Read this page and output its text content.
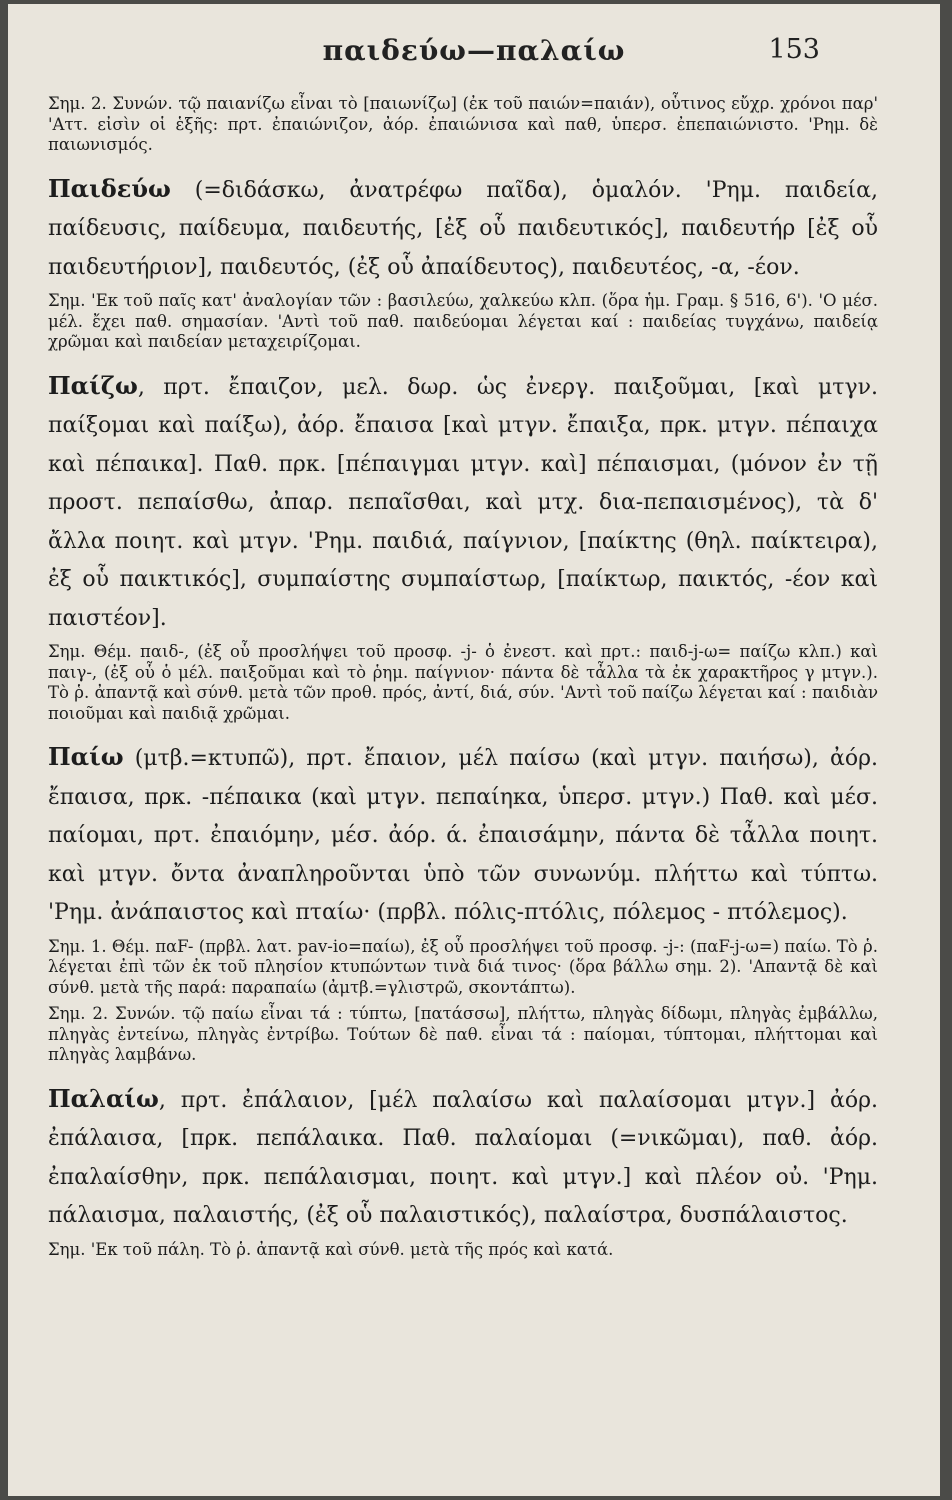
παιδεύω—παλαίω	153

Σημ. 2. Συνών. τῷ παιανίζω εἶναι τὸ [παιωνίζω] (ἐκ τοῦ παιών=παιάν), οὗτινος εὔχρ. χρόνοι παρ' 'Αττ. εἰσὶν οἱ ἑξῆς: πρτ. ἐπαιώνιζον, ἀόρ. ἐπαιώνισα καὶ παθ, ὑπερσ. ἐπεπαιώνιστο. 'Ρημ. δὲ παιωνισμός.

Παιδεύω (=διδάσκω, ἀνατρέφω παῖδα), ὁμαλόν. 'Ρημ. παιδεία, παίδευσις, παίδευμα, παιδευτής, [ἐξ οὗ παιδευτικός], παιδευτήρ [ἐξ οὗ παιδευτήριον], παιδευτός, (ἐξ οὗ ἀπαίδευτος), παιδευτέος, -α, -έον.

Σημ. 'Εκ τοῦ παῖς κατ' ἀναλογίαν τῶν : βασιλεύω, χαλκεύω κλπ. (ὅρα ἡμ. Γραμ. § 516, 6'). 'Ο μέσ. μέλ. ἔχει παθ. σημασίαν. 'Αντὶ τοῦ παθ. παιδεύομαι λέγεται καί : παιδείας τυγχάνω, παιδείᾳ χρῶμαι καὶ παιδείαν μεταχειρίζομαι.

Παίζω, πρτ. ἔπαιζον, μελ. δωρ. ὡς ἐνεργ. παιξοῦμαι, [καὶ μτγν. παίξομαι καὶ παίξω), ἀόρ. ἔπαισα [καὶ μτγν. ἔπαιξα, πρκ. μτγν. πέπαιχα καὶ πέπαικα]. Παθ. πρκ. [πέπαιγμαι μτγν. καὶ] πέπαισμαι, (μόνον ἐν τῇ προστ. πεπαίσθω, ἀπαρ. πεπαῖσθαι, καὶ μτχ. δια-πεπαισμένος), τὰ δ' ἄλλα ποιητ. καὶ μτγν. 'Ρημ. παιδιά, παίγνιον, [παίκτης (θηλ. παίκτειρα), ἐξ οὗ παικτικός], συμπαίστης συμπαίστωρ, [παίκτωρ, παικτός, -έον καὶ παιστέον].

Σημ. Θέμ. παιδ-, (ἐξ οὗ προσλήψει τοῦ προσφ. -j- ὁ ἐνεστ. καὶ πρτ.: παιδ-j-ω= παίζω κλπ.) καὶ παιγ-, (ἐξ οὗ ὁ μέλ. παιξοῦμαι καὶ τὸ ῥημ. παίγνιον· πάντα δὲ τἆλλα τὰ ἐκ χαρακτῆρος γ μτγν.). Τὸ ῥ. ἀπαντᾷ καὶ σύνθ. μετὰ τῶν προθ. πρός, ἀντί, διά, σύν. 'Αντὶ τοῦ παίζω λέγεται καί : παιδιὰν ποιοῦμαι καὶ παιδιᾷ χρῶμαι.

Παίω (μτβ.=κτυπῶ), πρτ. ἔπαιον, μέλ παίσω (καὶ μτγν. παιήσω), ἀόρ. ἔπαισα, πρκ. -πέπαικα (καὶ μτγν. πεπαίηκα, ὑπερσ. μτγν.) Παθ. καὶ μέσ. παίομαι, πρτ. ἐπαιόμην, μέσ. ἀόρ. ά. ἐπαισάμην, πάντα δὲ τἆλλα ποιητ. καὶ μτγν. ὄντα ἀναπληροῦνται ὑπὸ τῶν συνωνύμ. πλήττω καὶ τύπτω. 'Ρημ. ἀνάπαιστος καὶ πταίω· (πρβλ. πόλις-πτόλις, πόλεμος - πτόλεμος).

Σημ. 1. Θέμ. παF- (πρβλ. λατ. pav-io=παίω), ἐξ οὗ προσλήψει τοῦ προσφ. -j-: (παF-j-ω=) παίω. Τὸ ῥ. λέγεται ἐπὶ τῶν ἐκ τοῦ πλησίον κτυπώντων τινὰ διά τινος· (ὅρα βάλλω σημ. 2). 'Απαντᾷ δὲ καὶ σύνθ. μετὰ τῆς παρά: παραπαίω (ἀμτβ.=γλιστρῶ, σκοντάπτω).

Σημ. 2. Συνών. τῷ παίω εἶναι τά : τύπτω, [πατάσσω], πλήττω, πληγὰς δίδωμι, πληγὰς ἐμβάλλω, πληγὰς ἐντείνω, πληγὰς ἐντρίβω. Τούτων δὲ παθ. εἶναι τά : παίομαι, τύπτομαι, πλήττομαι καὶ πληγὰς λαμβάνω.

Παλαίω, πρτ. ἐπάλαιον, [μέλ παλαίσω καὶ παλαίσομαι μτγν.] ἀόρ. ἐπάλαισα, [πρκ. πεπάλαικα. Παθ. παλαίομαι (=νικῶμαι), παθ. ἀόρ. ἐπαλαίσθην, πρκ. πεπάλαισμαι, ποιητ. καὶ μτγν.] καὶ πλέον οὐ. 'Ρημ. πάλαισμα, παλαιστής, (ἐξ οὗ παλαιστικός), παλαίστρα, δυσπάλαιστος.

Σημ. 'Εκ τοῦ πάλη. Τὸ ῥ. ἀπαντᾷ καὶ σύνθ. μετὰ τῆς πρός καὶ κατά.
